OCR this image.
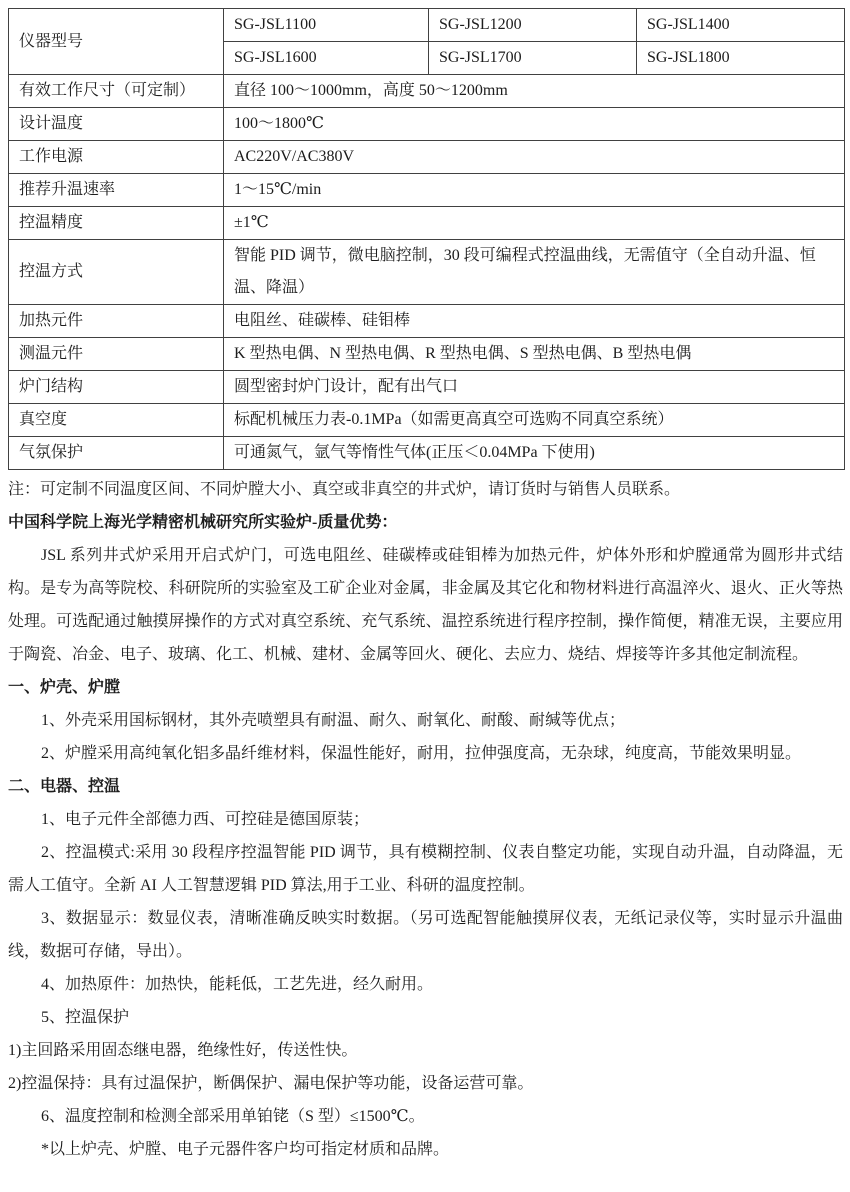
仪器型号	SG-JSL1100	SG-JSL1200	SG-JSL1400
	SG-JSL1600	SG-JSL1700	SG-JSL1800
有效工作尺寸（可定制）	直径 100～1000mm，高度 50～1200mm		
设计温度	100～1800℃		
工作电源	AC220V/AC380V		
推荐升温速率	1～15℃/min		
控温精度	±1℃		
控温方式	智能 PID 调节，微电脑控制，30 段可编程式控温曲线，无需值守（全自动升温、恒温、降温）		
加热元件	电阻丝、硅碳棒、硅钼棒		
测温元件	K 型热电偶、N 型热电偶、R 型热电偶、S 型热电偶、B 型热电偶		
炉门结构	圆型密封炉门设计，配有出气口		
真空度	标配机械压力表-0.1MPa（如需更高真空可选购不同真空系统）		
气氛保护	可通氮气，氩气等惰性气体(正压＜0.04MPa 下使用)		

注：可定制不同温度区间、不同炉膛大小、真空或非真空的井式炉，请订货时与销售人员联系。

中国科学院上海光学精密机械研究所实验炉-质量优势：

JSL 系列井式炉采用开启式炉门，可选电阻丝、硅碳棒或硅钼棒为加热元件，炉体外形和炉膛通常为圆形井式结构。是专为高等院校、科研院所的实验室及工矿企业对金属，非金属及其它化和物材料进行高温淬火、退火、正火等热处理。可选配通过触摸屏操作的方式对真空系统、充气系统、温控系统进行程序控制，操作简便，精准无误，主要应用于陶瓷、冶金、电子、玻璃、化工、机械、建材、金属等回火、硬化、去应力、烧结、焊接等许多其他定制流程。

一、炉壳、炉膛

1、外壳采用国标钢材，其外壳喷塑具有耐温、耐久、耐氧化、耐酸、耐缄等优点；

2、炉膛采用高纯氧化铝多晶纤维材料，保温性能好，耐用，拉伸强度高，无杂球，纯度高，节能效果明显。

二、电器、控温

1、电子元件全部德力西、可控硅是德国原装；

2、控温模式:采用 30 段程序控温智能 PID 调节，具有模糊控制、仪表自整定功能，实现自动升温，自动降温，无需人工值守。全新 AI 人工智慧逻辑 PID 算法,用于工业、科研的温度控制。

3、数据显示：数显仪表，清晰准确反映实时数据。（另可选配智能触摸屏仪表，无纸记录仪等，实时显示升温曲线，数据可存储，导出）。

4、加热原件：加热快，能耗低，工艺先进，经久耐用。

5、控温保护

1)主回路采用固态继电器，绝缘性好，传送性快。

2)控温保持：具有过温保护，断偶保护、漏电保护等功能，设备运营可靠。

6、温度控制和检测全部采用单铂铑（S 型）≤1500℃。

*以上炉壳、炉膛、电子元器件客户均可指定材质和品牌。
